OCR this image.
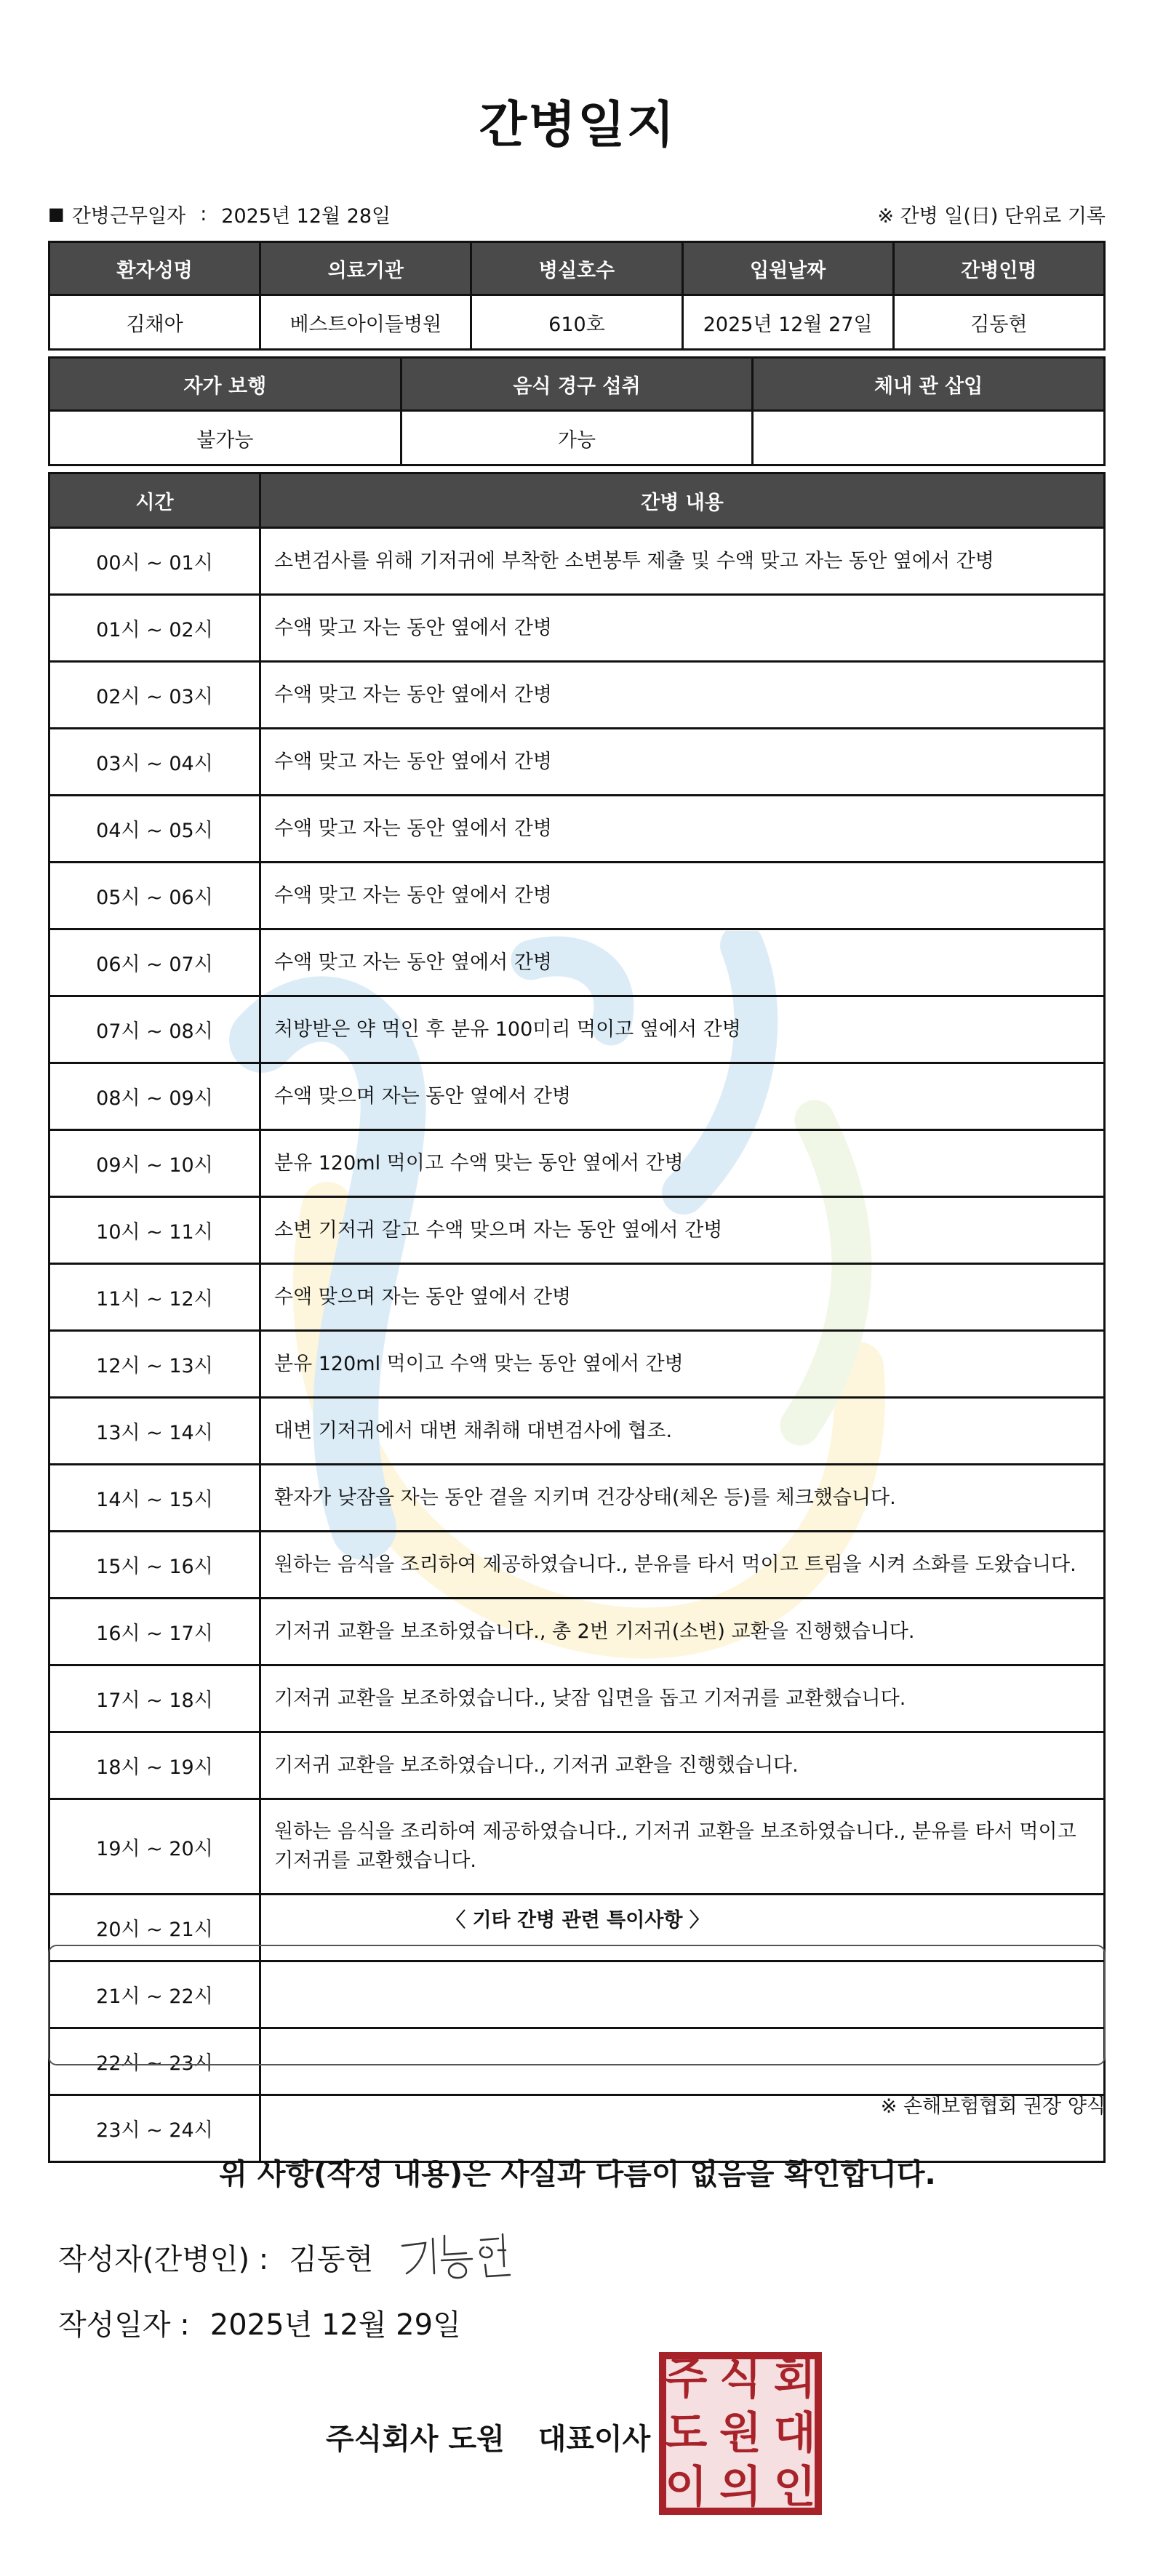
간병일지
■ 간병근무일자 : 2025년 12월 28일	※ 간병 일(日) 단위로 기록
환자성명	의료기관	병실호수	입원날짜	간병인명
김채아	베스트아이들병원	610호	2025년 12월 27일	김동현
자가 보행	음식 경구 섭취	체내 관 삽입
불가능	가능	
시간	간병 내용
00시 ~ 01시	소변검사를 위해 기저귀에 부착한 소변봉투 제출 및 수액 맞고 자는 동안 옆에서 간병
01시 ~ 02시	수액 맞고 자는 동안 옆에서 간병
02시 ~ 03시	수액 맞고 자는 동안 옆에서 간병
03시 ~ 04시	수액 맞고 자는 동안 옆에서 간병
04시 ~ 05시	수액 맞고 자는 동안 옆에서 간병
05시 ~ 06시	수액 맞고 자는 동안 옆에서 간병
06시 ~ 07시	수액 맞고 자는 동안 옆에서 간병
07시 ~ 08시	처방받은 약 먹인 후 분유 100미리 먹이고 옆에서 간병
08시 ~ 09시	수액 맞으며 자는 동안 옆에서 간병
09시 ~ 10시	분유 120ml 먹이고 수액 맞는 동안 옆에서 간병
10시 ~ 11시	소변 기저귀 갈고 수액 맞으며 자는 동안 옆에서 간병
11시 ~ 12시	수액 맞으며 자는 동안 옆에서 간병
12시 ~ 13시	분유 120ml 먹이고 수액 맞는 동안 옆에서 간병
13시 ~ 14시	대변 기저귀에서 대변 채취해 대변검사에 협조.
14시 ~ 15시	환자가 낮잠을 자는 동안 곁을 지키며 건강상태(체온 등)를 체크했습니다.
15시 ~ 16시	원하는 음식을 조리하여 제공하였습니다., 분유를 타서 먹이고 트림을 시켜 소화를 도왔습니다.
16시 ~ 17시	기저귀 교환을 보조하였습니다., 총 2번 기저귀(소변) 교환을 진행했습니다.
17시 ~ 18시	기저귀 교환을 보조하였습니다., 낮잠 입면을 돕고 기저귀를 교환했습니다.
18시 ~ 19시	기저귀 교환을 보조하였습니다., 기저귀 교환을 진행했습니다.
19시 ~ 20시	원하는 음식을 조리하여 제공하였습니다., 기저귀 교환을 보조하였습니다., 분유를 타서 먹이고 기저귀를 교환했습니다.
20시 ~ 21시	
21시 ~ 22시	
22시 ~ 23시	
23시 ~ 24시	
〈 기타 간병 관련 특이사항 〉
※ 손해보험협회 권장 양식
위 사항(작성 내용)은 사실과 다름이 없음을 확인합니다.
작성자(간병인) : 김동현
작성일자 : 2025년 12월 29일
주식회사 도원 대표이사
주 식 회
도 원 대
이 의 인
